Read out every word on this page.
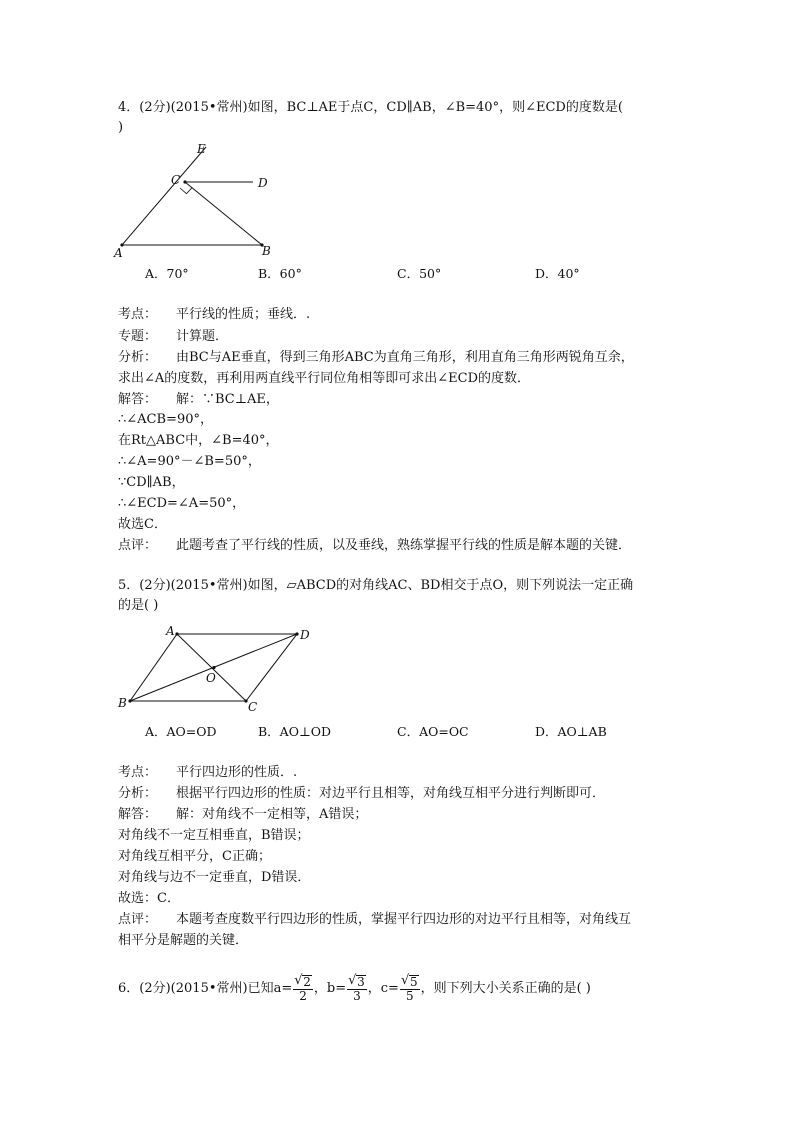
4．(2分)(2015•常州)如图，BC⊥AE于点C，CD∥AB，∠B=40°，则∠ECD的度数是(
)
E
C	D
A	B
A．70°	B．60°	C．50°	D．40°
考点： 平行线的性质；垂线．.
专题： 计算题．
分析： 由BC与AE垂直，得到三角形ABC为直角三角形，利用直角三角形两锐角互余，
求出∠A的度数，再利用两直线平行同位角相等即可求出∠ECD的度数．
解答： 解：∵BC⊥AE，
∴∠ACB=90°，
在Rt△ABC中，∠B=40°，
∴∠A=90°－∠B=50°，
∵CD∥AB，
∴∠ECD=∠A=50°，
故选C．
点评： 此题考查了平行线的性质，以及垂线，熟练掌握平行线的性质是解本题的关键．
5．(2分)(2015•常州)如图，▱ABCD的对角线AC、BD相交于点O，则下列说法一定正确
的是( )
A	D
O
B	C
A．AO=OD	B．AO⊥OD	C．AO=OC	D．AO⊥AB
考点： 平行四边形的性质．.
分析： 根据平行四边形的性质：对边平行且相等，对角线互相平分进行判断即可．
解答： 解：对角线不一定相等，A错误；
对角线不一定互相垂直，B错误；
对角线互相平分，C正确；
对角线与边不一定垂直，D错误．
故选：C．
点评： 本题考查度数平行四边形的性质，掌握平行四边形的对边平行且相等，对角线互
相平分是解题的关键．
6．(2分)(2015•常州)已知$a= \frac{√ 2}{2}$ ，$b= \frac{√ 3}{3}$ ，$c= \frac{√ 5}{5}$ ，则下列大小关系正确的是( )
